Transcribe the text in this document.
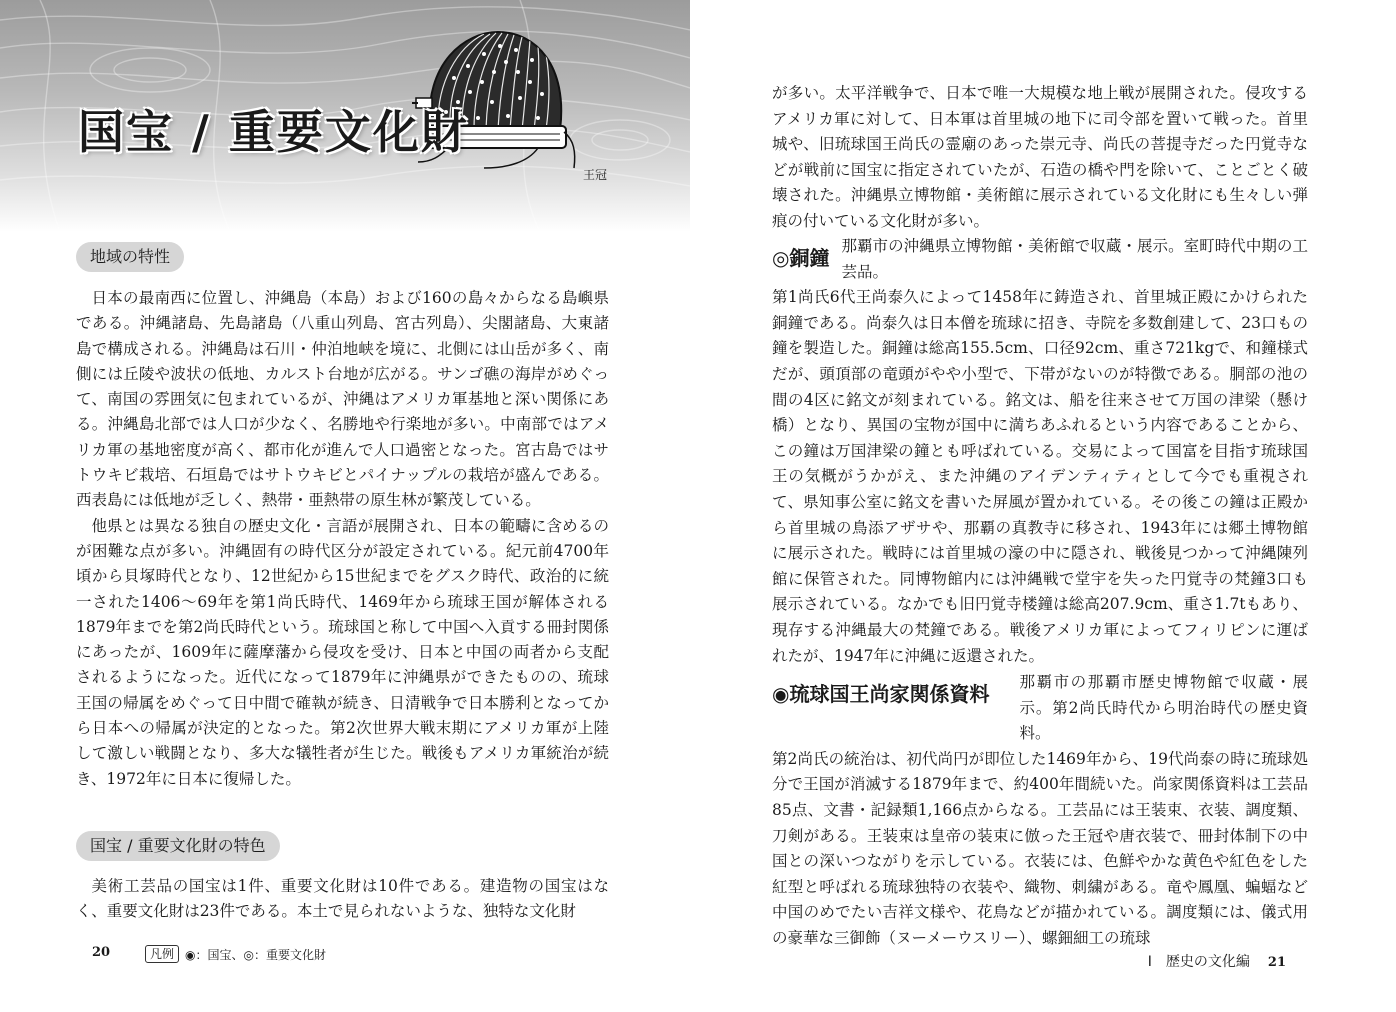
国宝 / 重要文化財
王冠
地域の特性

日本の最南西に位置し、沖縄島（本島）および160の島々からなる島嶼県である。沖縄諸島、先島諸島（八重山列島、宮古列島）、尖閣諸島、大東諸島で構成される。沖縄島は石川・仲泊地峡を境に、北側には山岳が多く、南側には丘陵や波状の低地、カルスト台地が広がる。サンゴ礁の海岸がめぐって、南国の雰囲気に包まれているが、沖縄はアメリカ軍基地と深い関係にある。沖縄島北部では人口が少なく、名勝地や行楽地が多い。中南部ではアメリカ軍の基地密度が高く、都市化が進んで人口過密となった。宮古島ではサトウキビ栽培、石垣島ではサトウキビとパイナップルの栽培が盛んである。西表島には低地が乏しく、熱帯・亜熱帯の原生林が繁茂している。

他県とは異なる独自の歴史文化・言語が展開され、日本の範疇に含めるのが困難な点が多い。沖縄固有の時代区分が設定されている。紀元前4700年頃から貝塚時代となり、12世紀から15世紀までをグスク時代、政治的に統一された1406～69年を第1尚氏時代、1469年から琉球王国が解体される1879年までを第2尚氏時代という。琉球国と称して中国へ入貢する冊封関係にあったが、1609年に薩摩藩から侵攻を受け、日本と中国の両者から支配されるようになった。近代になって1879年に沖縄県ができたものの、琉球王国の帰属をめぐって日中間で確執が続き、日清戦争で日本勝利となってから日本への帰属が決定的となった。第2次世界大戦末期にアメリカ軍が上陸して激しい戦闘となり、多大な犠牲者が生じた。戦後もアメリカ軍統治が続き、1972年に日本に復帰した。

国宝 / 重要文化財の特色

美術工芸品の国宝は1件、重要文化財は10件である。建造物の国宝はなく、重要文化財は23件である。本土で見られないような、独特な文化財

20	凡例 ◉：国宝、◎：重要文化財

が多い。太平洋戦争で、日本で唯一大規模な地上戦が展開された。侵攻するアメリカ軍に対して、日本軍は首里城の地下に司令部を置いて戦った。首里城や、旧琉球国王尚氏の霊廟のあった崇元寺、尚氏の菩提寺だった円覚寺などが戦前に国宝に指定されていたが、石造の橋や門を除いて、ことごとく破壊された。沖縄県立博物館・美術館に展示されている文化財にも生々しい弾痕の付いている文化財が多い。

◎銅鐘 那覇市の沖縄県立博物館・美術館で収蔵・展示。室町時代中期の工芸品。

第1尚氏6代王尚泰久によって1458年に鋳造され、首里城正殿にかけられた銅鐘である。尚泰久は日本僧を琉球に招き、寺院を多数創建して、23口もの鐘を製造した。銅鐘は総高155.5cm、口径92cm、重さ721kgで、和鐘様式だが、頭頂部の竜頭がやや小型で、下帯がないのが特徴である。胴部の池の間の4区に銘文が刻まれている。銘文は、船を往来させて万国の津梁（懸け橋）となり、異国の宝物が国中に満ちあふれるという内容であることから、この鐘は万国津梁の鐘とも呼ばれている。交易によって国富を目指す琉球国王の気概がうかがえ、また沖縄のアイデンティティとして今でも重視されて、県知事公室に銘文を書いた屏風が置かれている。その後この鐘は正殿から首里城の鳥添アザサや、那覇の真教寺に移され、1943年には郷土博物館に展示された。戦時には首里城の濠の中に隠され、戦後見つかって沖縄陳列館に保管された。同博物館内には沖縄戦で堂宇を失った円覚寺の梵鐘3口も展示されている。なかでも旧円覚寺楼鐘は総高207.9cm、重さ1.7tもあり、現存する沖縄最大の梵鐘である。戦後アメリカ軍によってフィリピンに運ばれたが、1947年に沖縄に返還された。

◉琉球国王尚家関係資料 那覇市の那覇市歴史博物館で収蔵・展示。第2尚氏時代から明治時代の歴史資料。

第2尚氏の統治は、初代尚円が即位した1469年から、19代尚泰の時に琉球処分で王国が消滅する1879年まで、約400年間続いた。尚家関係資料は工芸品85点、文書・記録類1,166点からなる。工芸品には王装束、衣装、調度類、刀剣がある。王装束は皇帝の装束に倣った王冠や唐衣装で、冊封体制下の中国との深いつながりを示している。衣装には、色鮮やかな黄色や紅色をした紅型と呼ばれる琉球独特の衣装や、織物、刺繍がある。竜や鳳凰、蝙蝠など中国のめでたい吉祥文様や、花鳥などが描かれている。調度類には、儀式用の豪華な三御飾（ヌーメーウスリー）、螺鈿細工の琉球

Ⅰ　歴史の文化編 21
